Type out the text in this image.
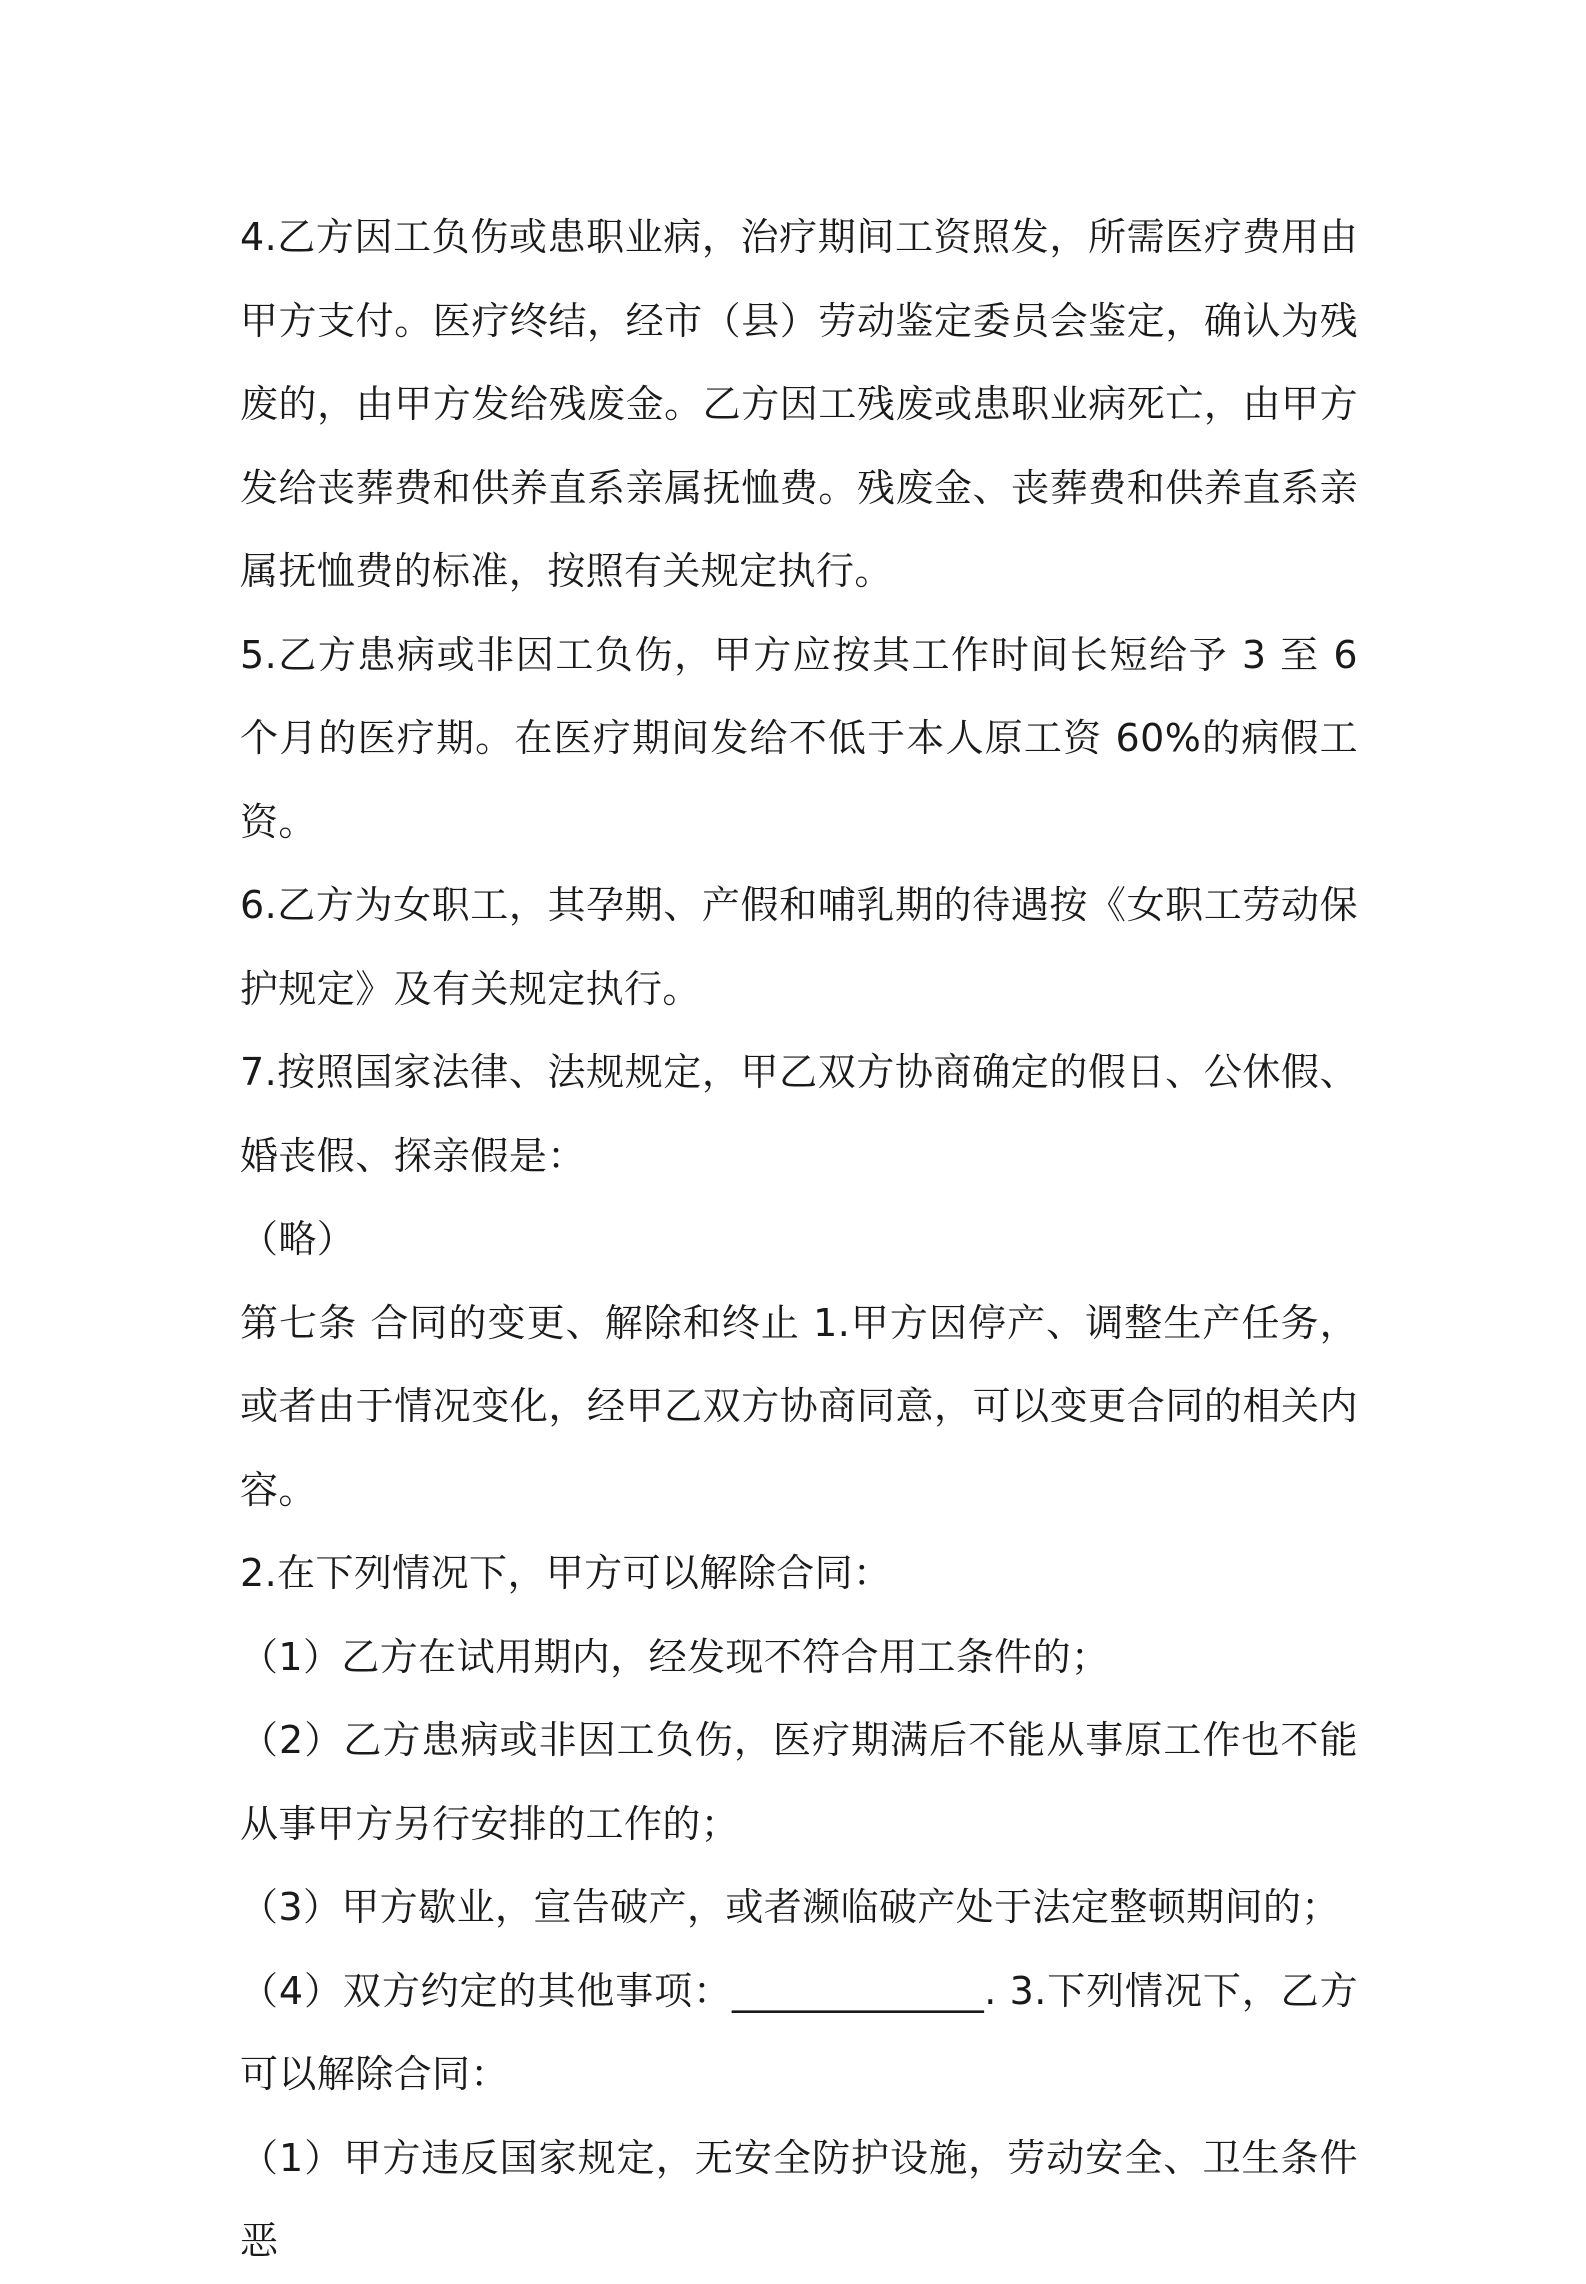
4.乙方因工负伤或患职业病，治疗期间工资照发，所需医疗费用由甲方支付。医疗终结，经市（县）劳动鉴定委员会鉴定，确认为残废的，由甲方发给残废金。乙方因工残废或患职业病死亡，由甲方发给丧葬费和供养直系亲属抚恤费。残废金、丧葬费和供养直系亲属抚恤费的标准，按照有关规定执行。

5.乙方患病或非因工负伤，甲方应按其工作时间长短给予 3 至 6 个月的医疗期。在医疗期间发给不低于本人原工资 60%的病假工资。

6.乙方为女职工，其孕期、产假和哺乳期的待遇按《女职工劳动保护规定》及有关规定执行。

7.按照国家法律、法规规定，甲乙双方协商确定的假日、公休假、婚丧假、探亲假是：

（略）

第七条 合同的变更、解除和终止 1.甲方因停产、调整生产任务，或者由于情况变化，经甲乙双方协商同意，可以变更合同的相关内容。

2.在下列情况下，甲方可以解除合同：

（1）乙方在试用期内，经发现不符合用工条件的；

（2）乙方患病或非因工负伤，医疗期满后不能从事原工作也不能从事甲方另行安排的工作的；

（3）甲方歇业，宣告破产，或者濒临破产处于法定整顿期间的；

（4）双方约定的其他事项：_____________. 3.下列情况下，乙方可以解除合同：

（1）甲方违反国家规定，无安全防护设施，劳动安全、卫生条件恶
